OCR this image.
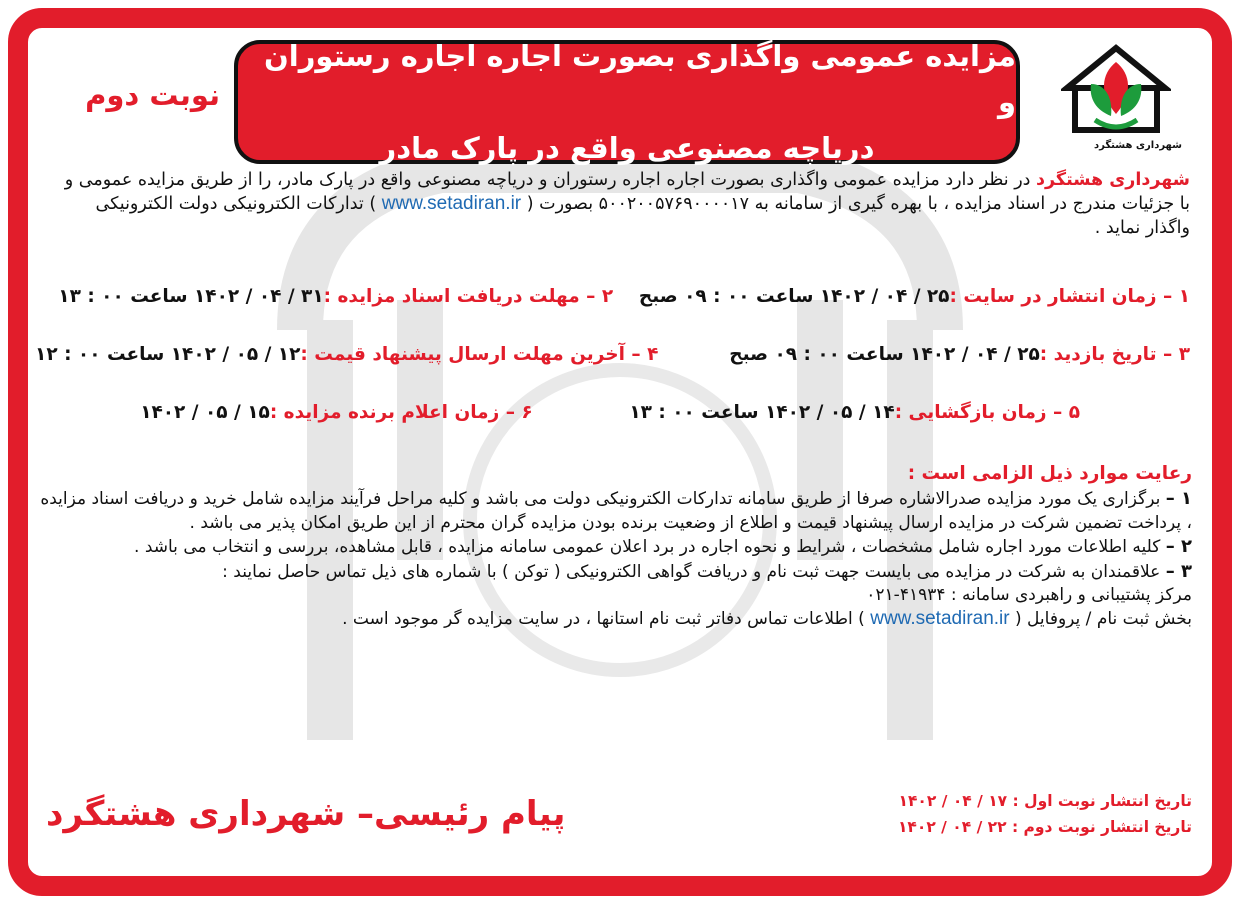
شهرداری هشتگرد
نوبت دوم
مزایده عمومی واگذاری بصورت اجاره اجاره رستوران و
دریاچه مصنوعی واقع در پارک مادر

شهرداری هشتگرد در نظر دارد مزایده عمومی واگذاری بصورت اجاره اجاره رستوران و دریاچه مصنوعی واقع در پارک مادر، را از طریق مزایده عمومی و با جزئیات مندرج در اسناد مزایده ، با بهره گیری از سامانه به ۵۰۰۲۰۰۵۷۶۹۰۰۰۰۱۷ بصورت ( www.setadiran.ir ) تدارکات الکترونیکی دولت الکترونیکی واگذار نماید .

۱ – زمان انتشار در سایت :۲۵ / ۰۴ / ۱۴۰۲ ساعت ۰۰ : ۰۹ صبح    ۲ – مهلت دریافت اسناد مزایده :۳۱ / ۰۴ / ۱۴۰۲ ساعت ۰۰ : ۱۳
۳ – تاریخ بازدید :۲۵ / ۰۴ / ۱۴۰۲ ساعت ۰۰ : ۰۹ صبح           ۴ – آخرین مهلت ارسال پیشنهاد قیمت :۱۲ / ۰۵ / ۱۴۰۲ ساعت ۰۰ : ۱۲
۵ – زمان بازگشایی :۱۴ / ۰۵ / ۱۴۰۲ ساعت ۰۰ : ۱۳               ۶ – زمان اعلام برنده مزایده :۱۵ / ۰۵ / ۱۴۰۲
رعایت موارد ذیل الزامی است :

۱ – برگزاری یک مورد مزایده صدرالاشاره صرفا از طریق سامانه تدارکات الکترونیکی دولت می باشد و کلیه مراحل فرآیند مزایده شامل خرید و دریافت اسناد مزایده ، پرداخت تضمین شرکت در مزایده ارسال پیشنهاد قیمت و اطلاع از وضعیت برنده بودن مزایده گران محترم از این طریق امکان پذیر می باشد .

۲ – کلیه اطلاعات مورد اجاره شامل مشخصات ، شرایط و نحوه اجاره در برد اعلان عمومی سامانه مزایده ، قابل مشاهده، بررسی و انتخاب می باشد .

۳ – علاقمندان به شرکت در مزایده می بایست جهت ثبت نام و دریافت گواهی الکترونیکی ( توکن ) با شماره های ذیل تماس حاصل نمایند :

مرکز پشتیبانی و راهبردی سامانه : ۴۱۹۳۴-۰۲۱

بخش ثبت نام / پروفایل ( www.setadiran.ir ) اطلاعات تماس دفاتر ثبت نام استانها ، در سایت مزایده گر موجود است .

تاریخ انتشار نوبت اول : ۱۷ / ۰۴ / ۱۴۰۲
تاریخ انتشار نوبت دوم : ۲۲ / ۰۴ / ۱۴۰۲
پیام رئیسی– شهرداری هشتگرد
